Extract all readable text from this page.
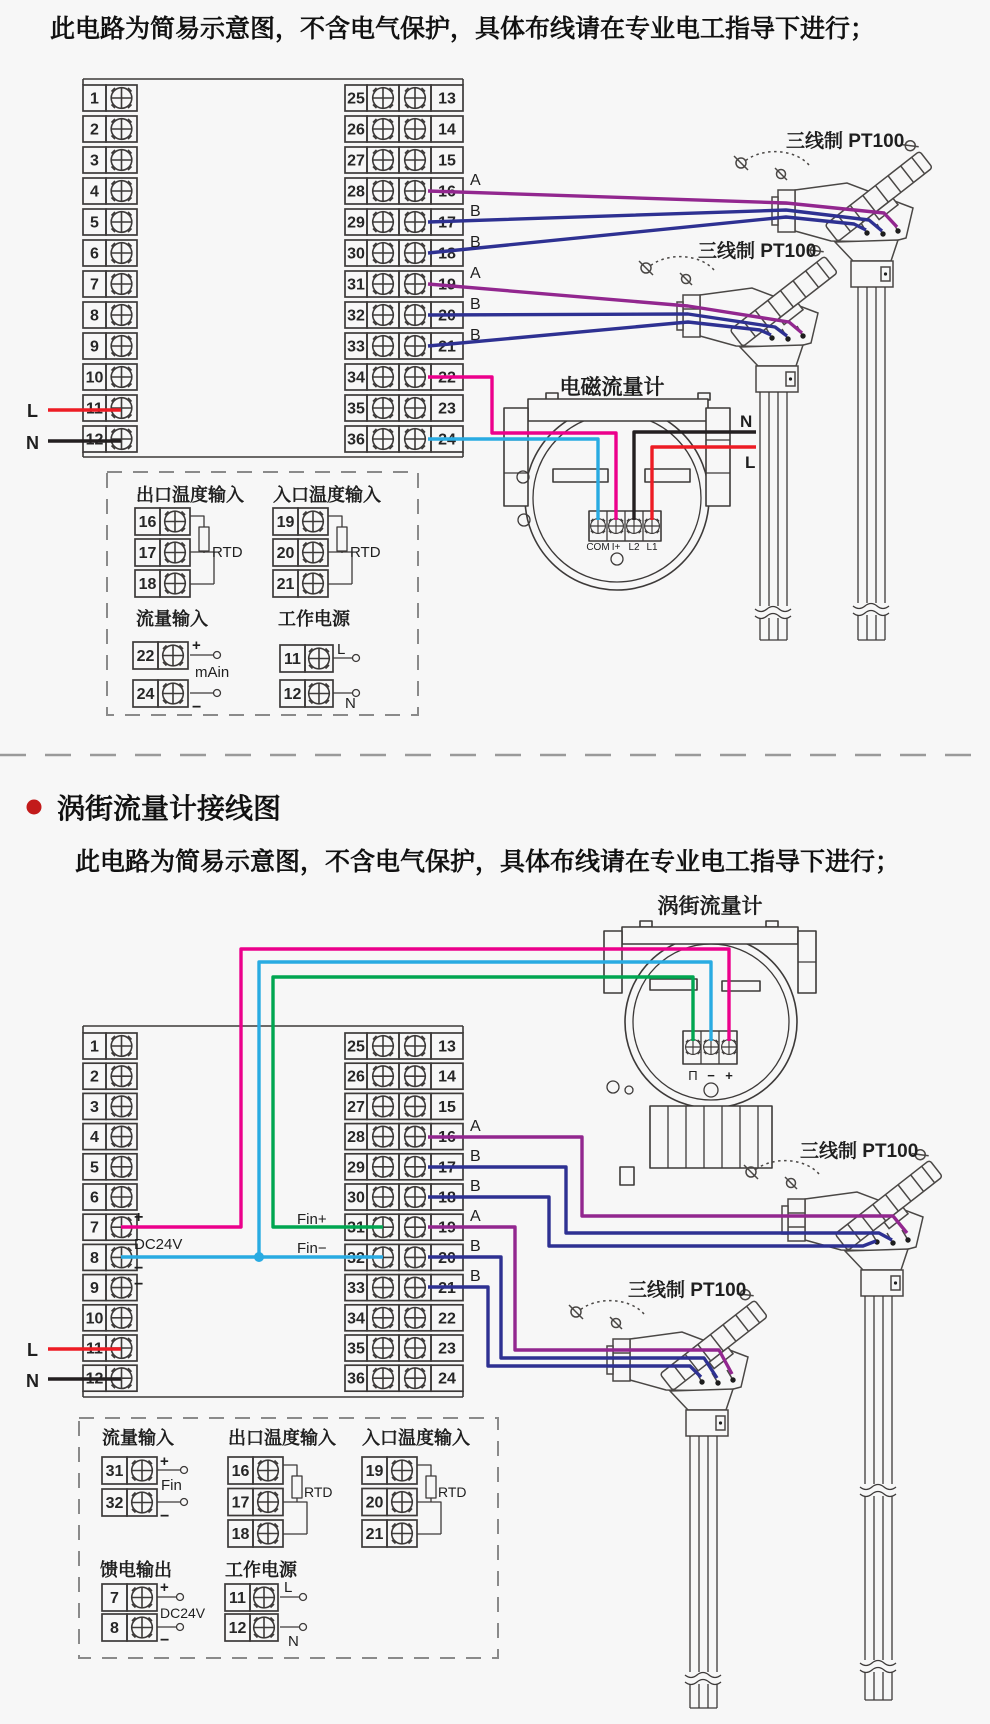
1
2
3
4
5
6
7
8
9
10
11
12
25	13
26	14
27	15
28	16
29	17
30	18
31	19
32	20
33	21
34	22
35	23
36	24
16
17
18
19
20
21
22
24
11
12
1
2
3
4
5
6
7
8
9
10
11
12
25	13
26	14
27	15
28	16
29	17
30	18
31	19
32	20
33	21
34	22
35	23
36	24
31
32
16
17
18
19
20
21
7
8
11
12
此电路为简易示意图，不含电气保护，具体布线请在专业电工指导下进行；
L
N
A
B
B
A
B
B
三线制 PT100
三线制 PT100
电磁流量计
COM I+ L2 L1
N
L
出口温度输入 入口温度输入
RTD	RTD
流量输入	工作电源
+
mAin
−
L
N
涡街流量计接线图
此电路为简易示意图，不含电气保护，具体布线请在专业电工指导下进行；
L
N
A
B
B
A
B
B
三线制 PT100
三线制 PT100
涡街流量计
Π − +
+
DC24V
−
−
Fin+
Fin−
流量输入	出口温度输入 入口温度输入
+
Fin
−
RTD	RTD
馈电输出	工作电源
+
DC24V
−
L
N
